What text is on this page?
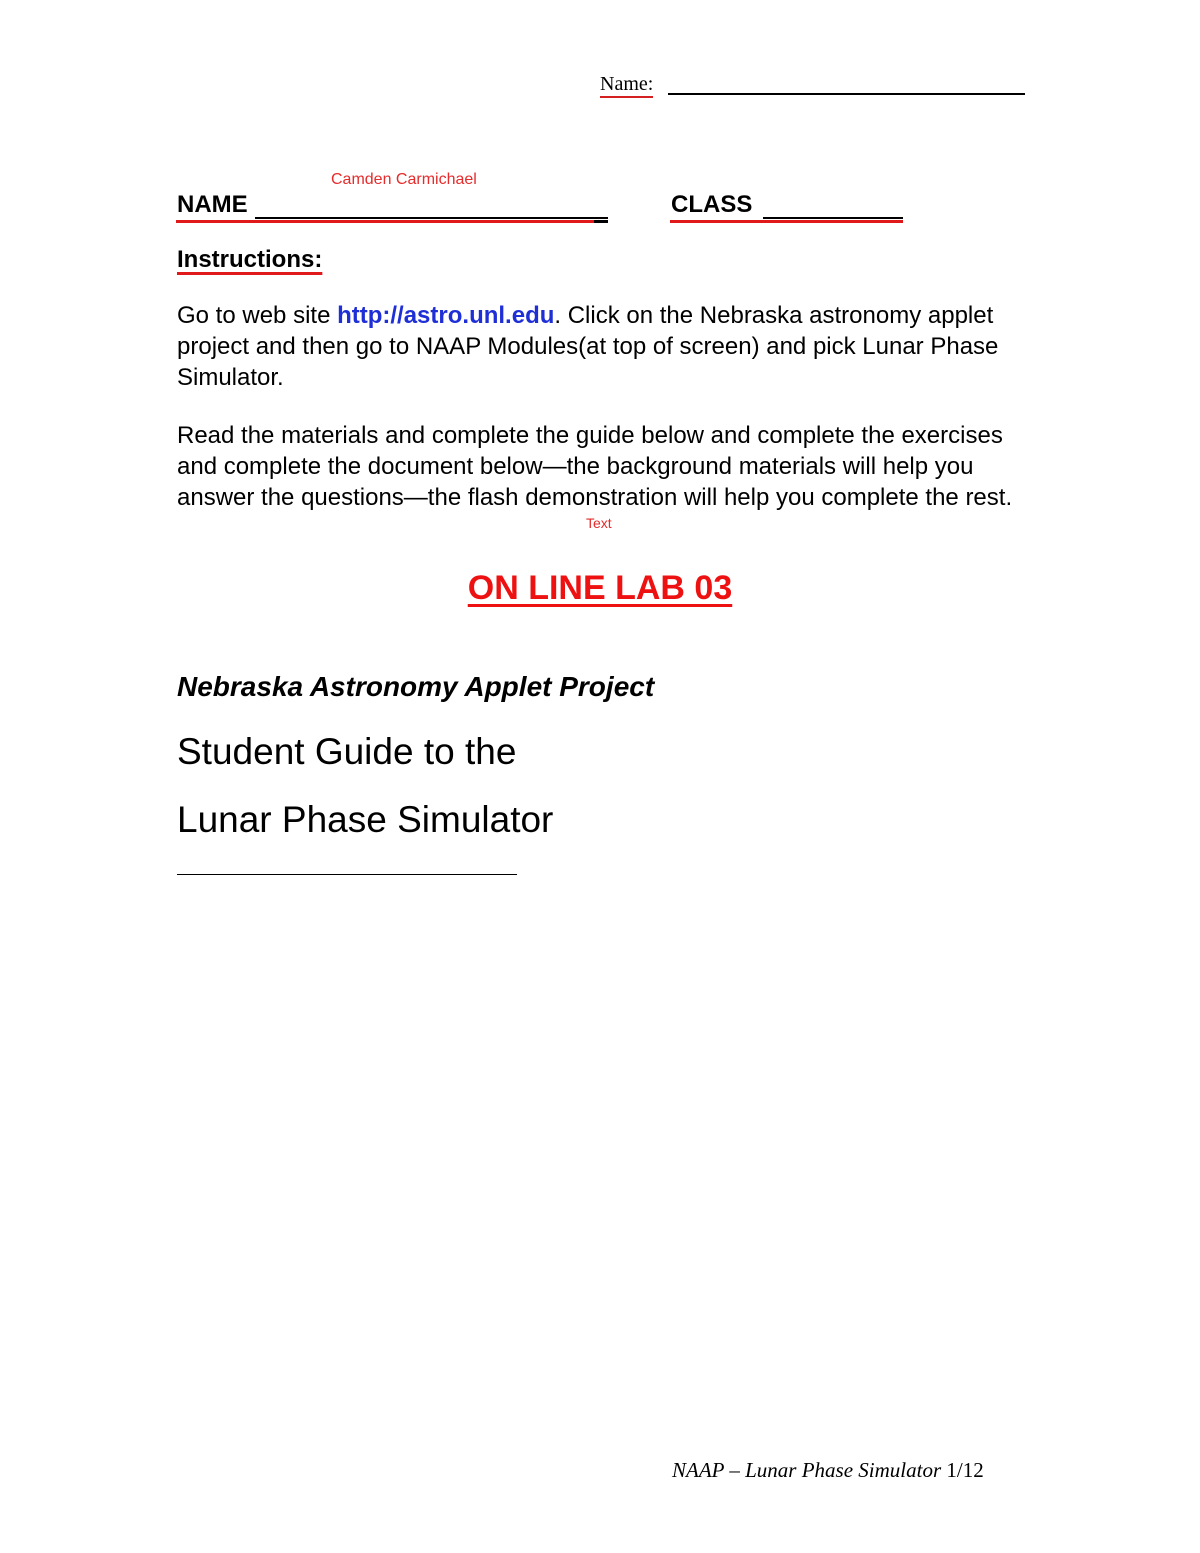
Name:
Camden Carmichael
NAME	CLASS
Instructions:

Go to web site http://astro.unl.edu. Click on the Nebraska astronomy applet project and then go to NAAP Modules(at top of screen) and pick Lunar Phase Simulator.

Read the materials and complete the guide below and complete the exercises and complete the document below—the background materials will help you answer the questions—the flash demonstration will help you complete the rest.

Text
ON LINE LAB 03
Nebraska Astronomy Applet Project
Student Guide to the
Lunar Phase Simulator
NAAP – Lunar Phase Simulator 1/12
